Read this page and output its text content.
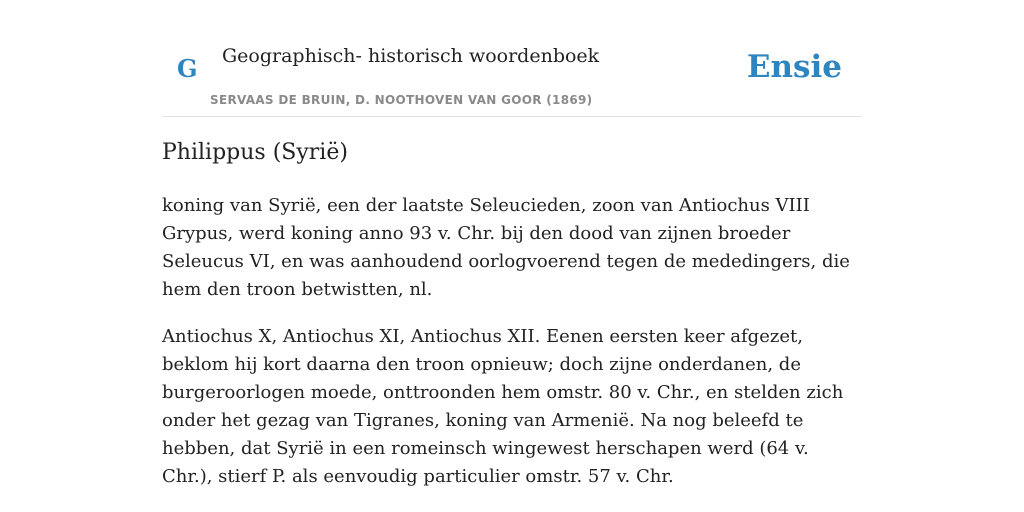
G Geographisch- historisch woordenboek
SERVAAS DE BRUIN, D. NOOTHOVEN VAN GOOR (1869)
Ensie
Philippus (Syrië)

koning van Syrië, een der laatste Seleucieden, zoon van Antiochus VIII Grypus, werd koning anno 93 v. Chr. bij den dood van zijnen broeder Seleucus VI, en was aanhoudend oorlogvoerend tegen de mededingers, die hem den troon betwistten, nl.

Antiochus X, Antiochus XI, Antiochus XII. Eenen eersten keer afgezet, beklom hij kort daarna den troon opnieuw; doch zijne onderdanen, de burgeroorlogen moede, onttroonden hem omstr. 80 v. Chr., en stelden zich onder het gezag van Tigranes, koning van Armenië. Na nog beleefd te hebben, dat Syrië in een romeinsch wingewest herschapen werd (64 v. Chr.), stierf P. als eenvoudig particulier omstr. 57 v. Chr.
